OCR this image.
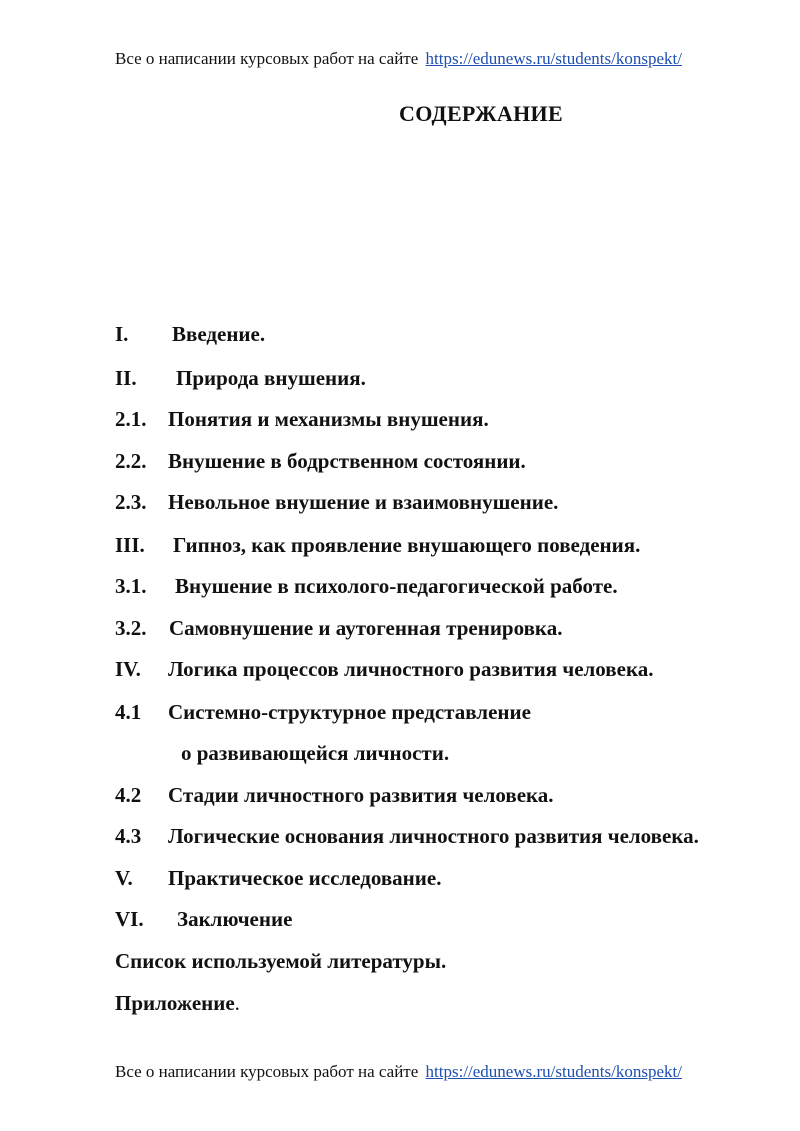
Все о написании курсовых работ на сайте https://edunews.ru/students/konspekt/
СОДЕРЖАНИЕ
I. Введение.
II. Природа внушения.
2.1. Понятия и механизмы внушения.
2.2. Внушение в бодрственном состоянии.
2.3. Невольное внушение и взаимовнушение.
III. Гипноз, как проявление внушающего поведения.
3.1. Внушение в психолого-педагогической работе.
3.2. Самовнушение и аутогенная тренировка.
IV. Логика процессов личностного развития человека.
4.1 Системно-структурное представление
о развивающейся личности.
4.2 Стадии личностного развития человека.
4.3 Логические основания личностного развития человека.
V. Практическое исследование.
VI. Заключение
Список используемой литературы.
Приложение.
Все о написании курсовых работ на сайте https://edunews.ru/students/konspekt/
